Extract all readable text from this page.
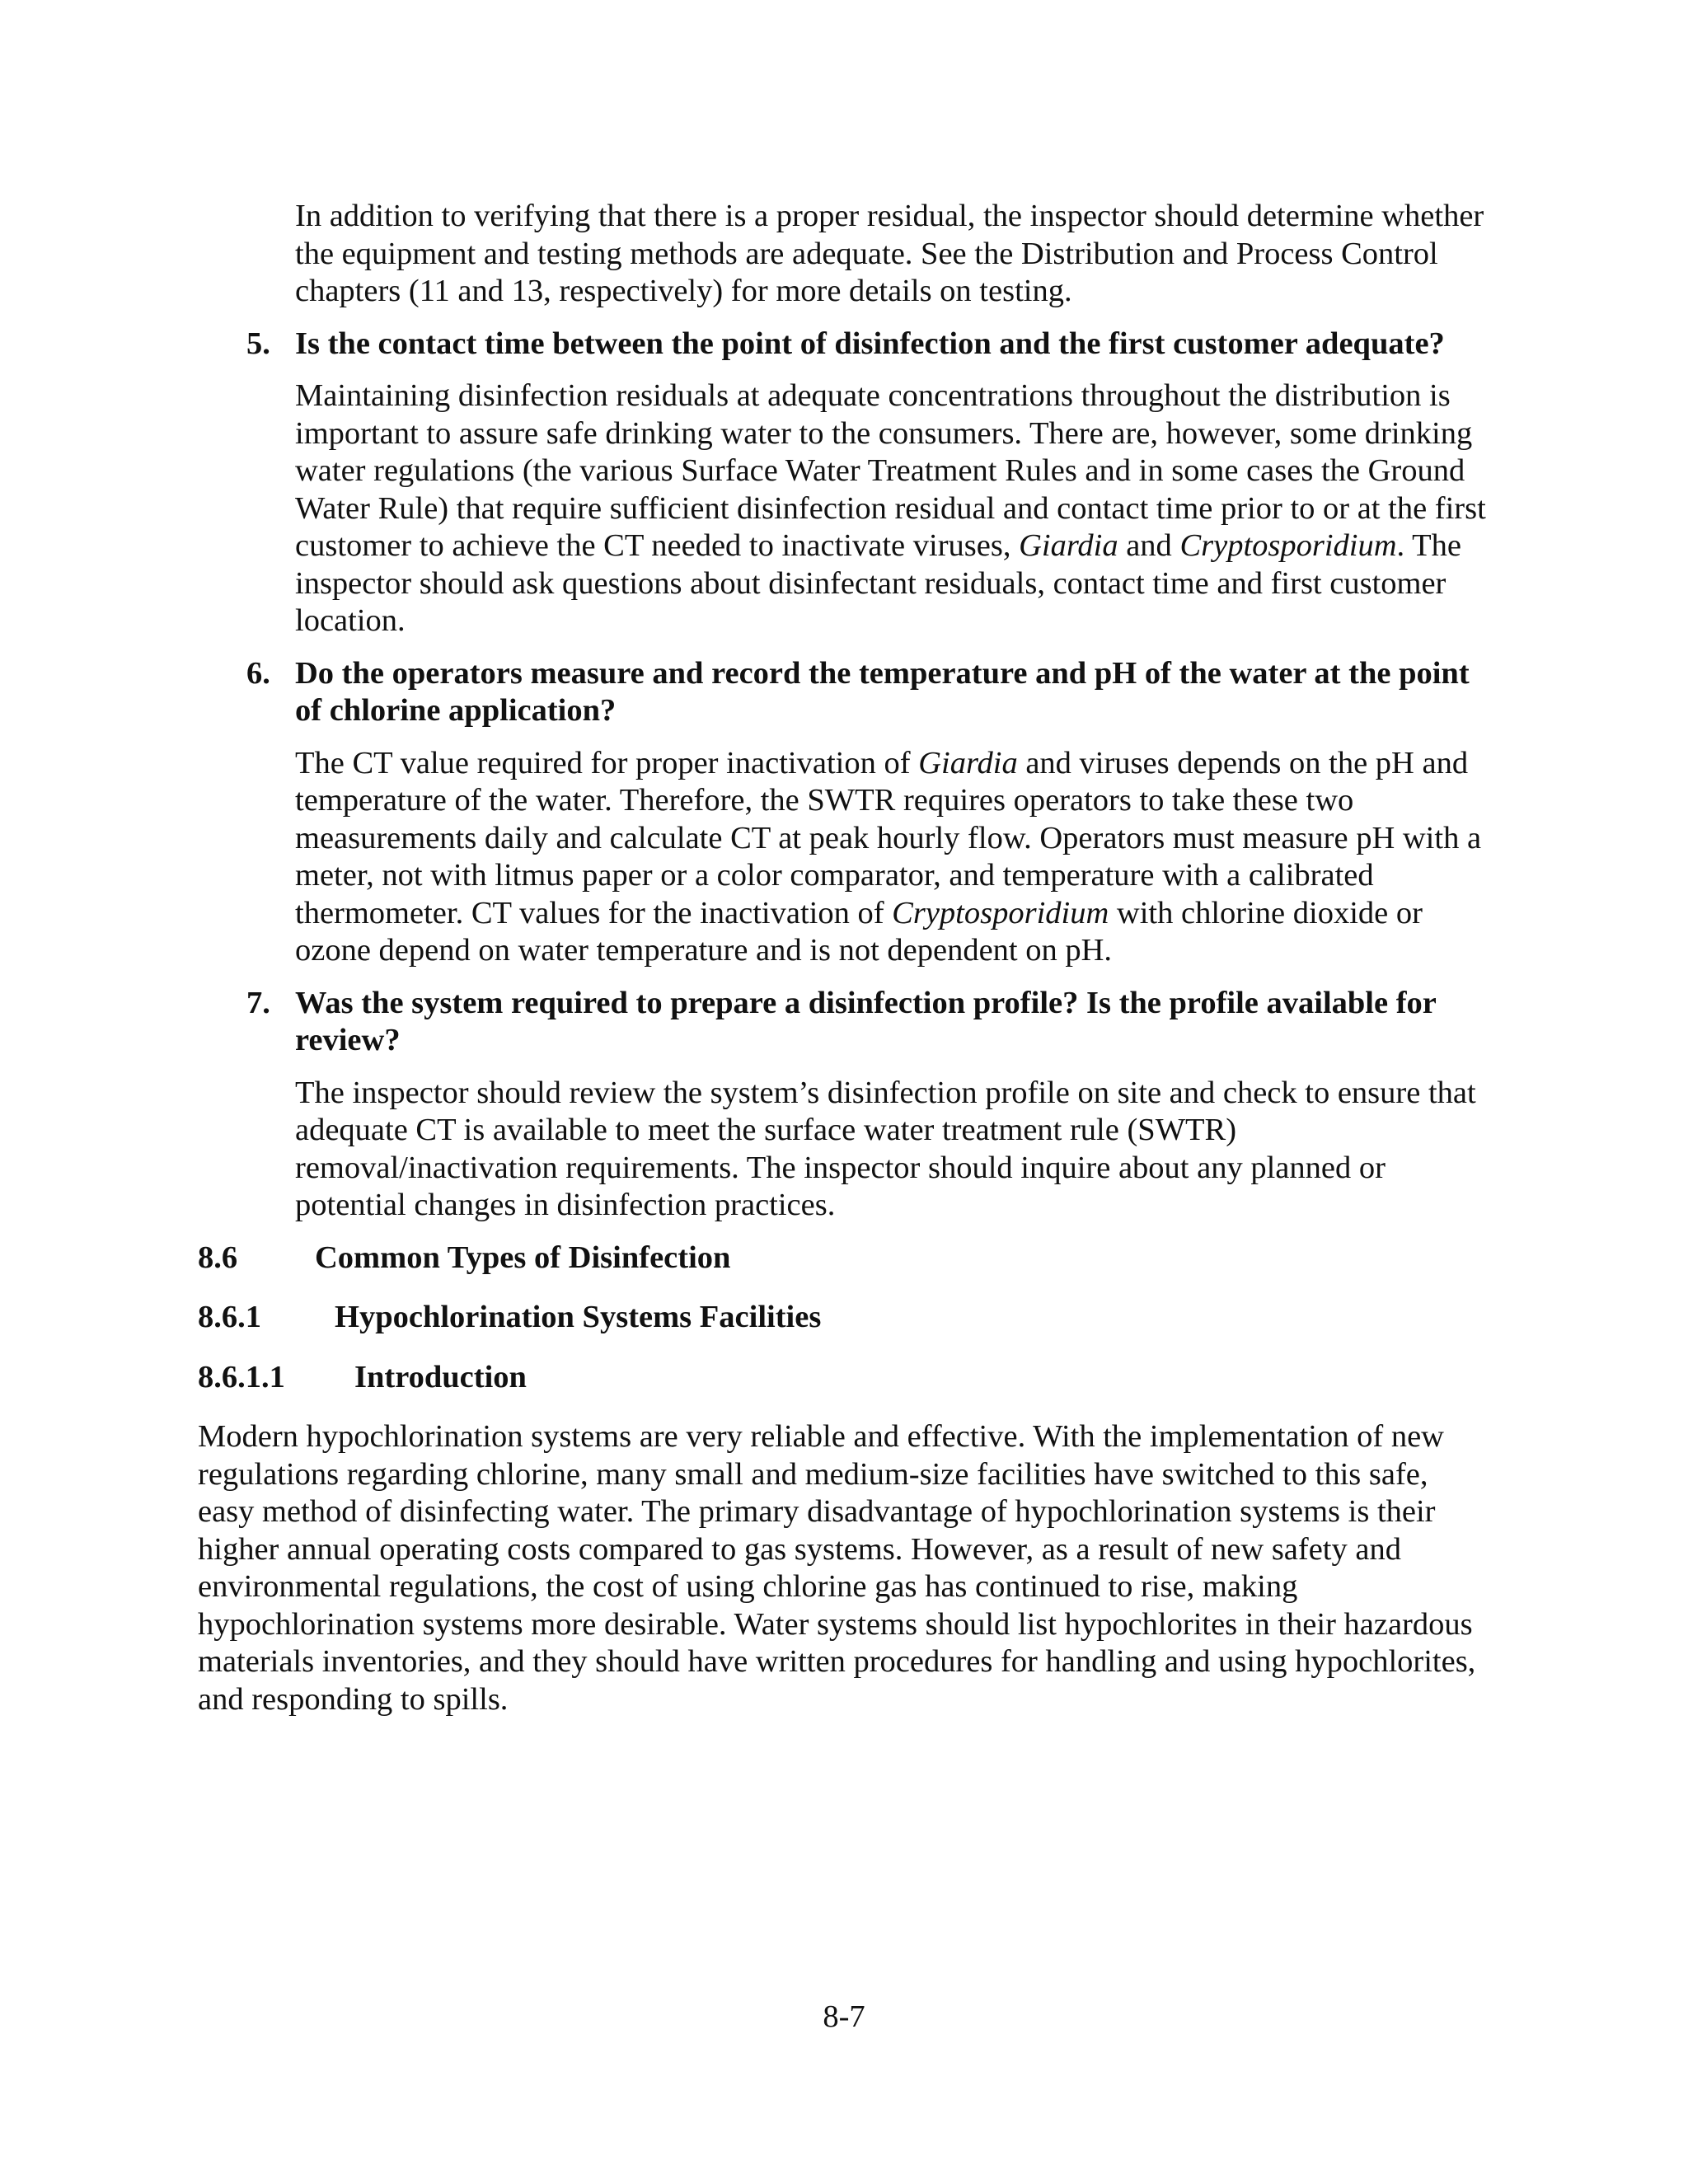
In addition to verifying that there is a proper residual, the inspector should determine whether the equipment and testing methods are adequate. See the Distribution and Process Control chapters (11 and 13, respectively) for more details on testing.

5. Is the contact time between the point of disinfection and the first customer adequate?

Maintaining disinfection residuals at adequate concentrations throughout the distribution is important to assure safe drinking water to the consumers. There are, however, some drinking water regulations (the various Surface Water Treatment Rules and in some cases the Ground Water Rule) that require sufficient disinfection residual and contact time prior to or at the first customer to achieve the CT needed to inactivate viruses, Giardia and Cryptosporidium. The inspector should ask questions about disinfectant residuals, contact time and first customer location.

6. Do the operators measure and record the temperature and pH of the water at the point of chlorine application?

The CT value required for proper inactivation of Giardia and viruses depends on the pH and temperature of the water. Therefore, the SWTR requires operators to take these two measurements daily and calculate CT at peak hourly flow. Operators must measure pH with a meter, not with litmus paper or a color comparator, and temperature with a calibrated thermometer. CT values for the inactivation of Cryptosporidium with chlorine dioxide or ozone depend on water temperature and is not dependent on pH.

7. Was the system required to prepare a disinfection profile? Is the profile available for review?

The inspector should review the system’s disinfection profile on site and check to ensure that adequate CT is available to meet the surface water treatment rule (SWTR) removal/inactivation requirements. The inspector should inquire about any planned or potential changes in disinfection practices.

8.6	Common Types of Disinfection
8.6.1	Hypochlorination Systems Facilities
8.6.1.1	Introduction

Modern hypochlorination systems are very reliable and effective. With the implementation of new regulations regarding chlorine, many small and medium-size facilities have switched to this safe, easy method of disinfecting water. The primary disadvantage of hypochlorination systems is their higher annual operating costs compared to gas systems. However, as a result of new safety and environmental regulations, the cost of using chlorine gas has continued to rise, making hypochlorination systems more desirable. Water systems should list hypochlorites in their hazardous materials inventories, and they should have written procedures for handling and using hypochlorites, and responding to spills.

8-7
